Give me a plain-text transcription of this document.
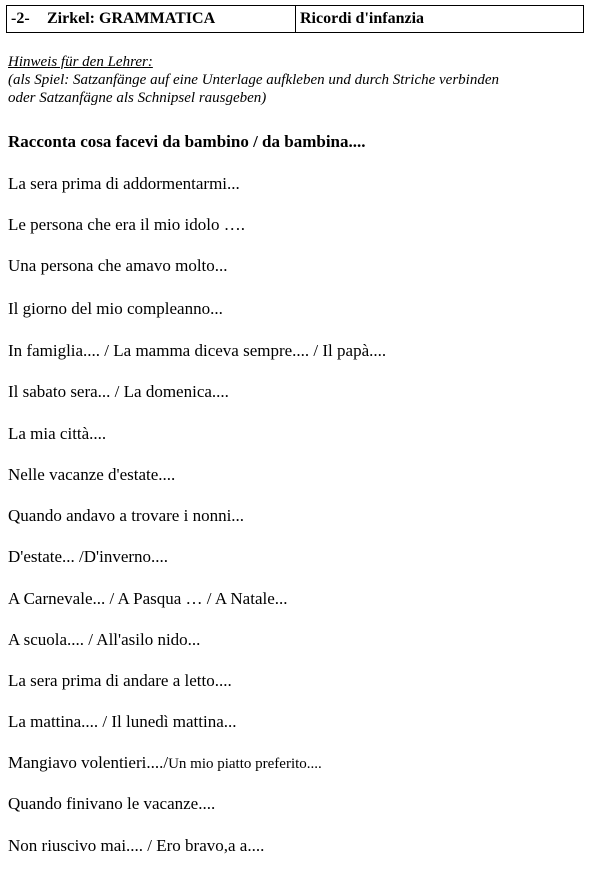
-2- Zirkel: GRAMMATICA	Ricordi d'infanzia
Hinweis für den Lehrer:
(als Spiel: Satzanfänge auf eine Unterlage aufkleben und durch Striche verbinden
oder Satzanfägne als Schnipsel rausgeben)
Racconta cosa facevi da bambino / da bambina....
La sera prima di addormentarmi...
Le persona che era il mio idolo ….
Una persona che amavo molto...
Il giorno del mio compleanno...
In famiglia.... / La mamma diceva sempre.... / Il papà....
Il sabato sera... / La domenica....
La mia città....
Nelle vacanze d'estate....
Quando andavo a trovare i nonni...
D'estate... /D'inverno....
A Carnevale... / A Pasqua … / A Natale...
A scuola.... / All'asilo nido...
La sera prima di andare a letto....
La mattina.... / Il lunedì mattina...
Mangiavo volentieri..../Un mio piatto preferito....
Quando finivano le vacanze....
Non riuscivo mai.... / Ero bravo,a a....
